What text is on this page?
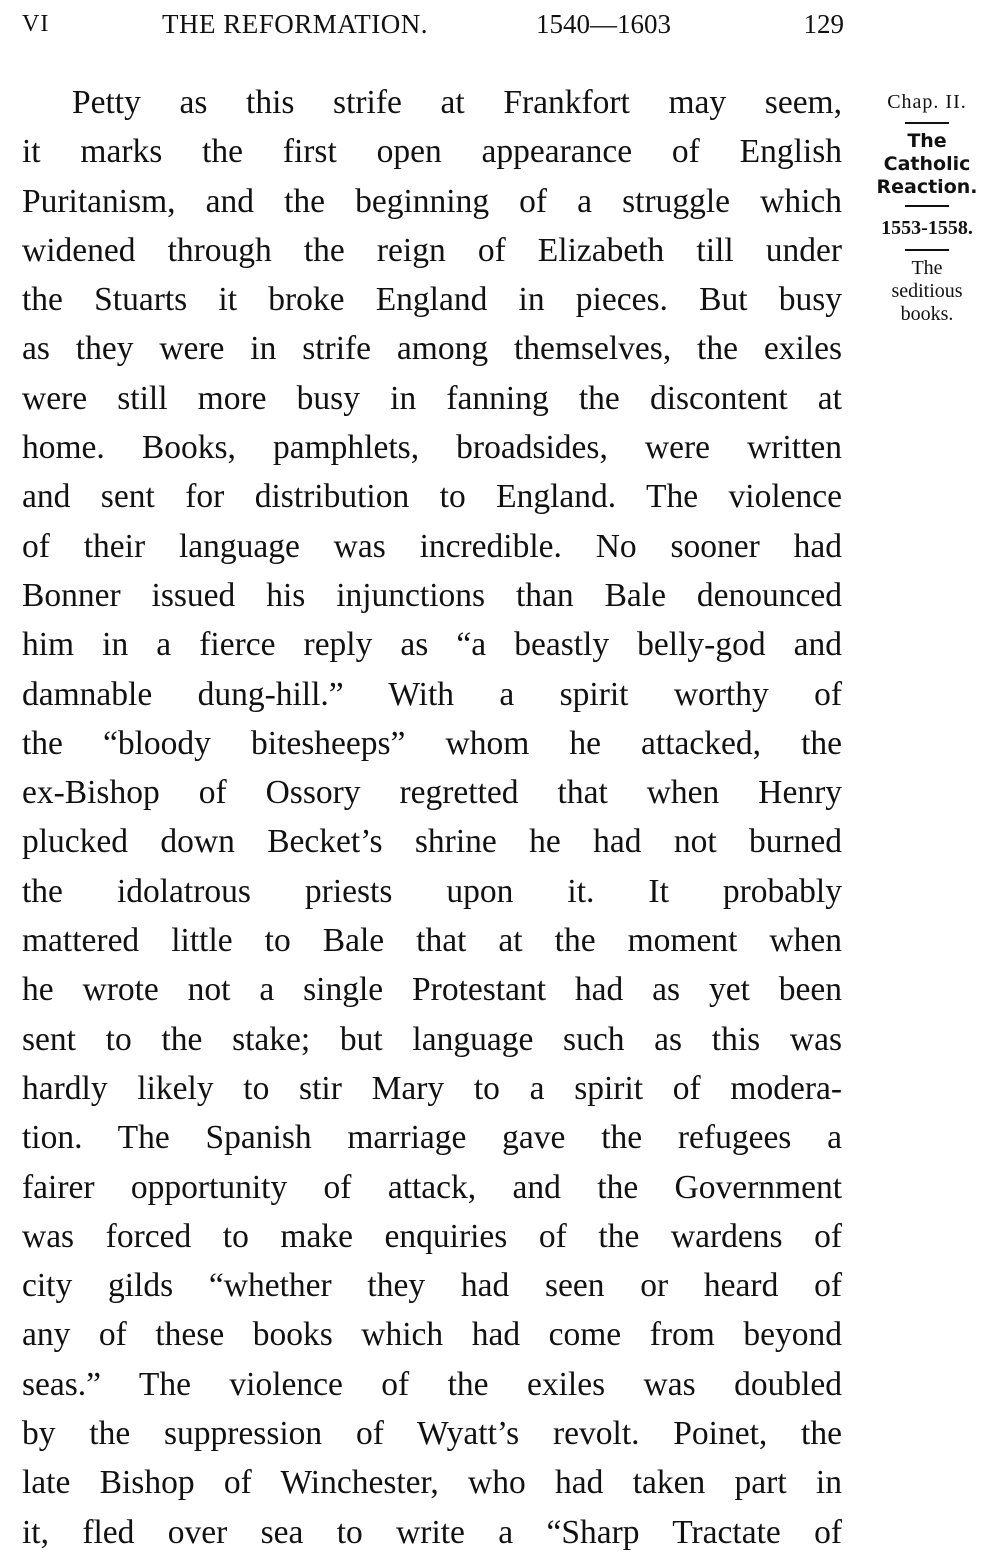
VI	THE REFORMATION.	1540—1603	129
Petty as this strife at Frankfort may seem,
it marks the first open appearance of English
Puritanism, and the beginning of a struggle which
widened through the reign of Elizabeth till under
the Stuarts it broke England in pieces. But busy
as they were in strife among themselves, the exiles
were still more busy in fanning the discontent at
home. Books, pamphlets, broadsides, were written
and sent for distribution to England. The violence
of their language was incredible. No sooner had
Bonner issued his injunctions than Bale denounced
him in a fierce reply as “a beastly belly-god and
damnable dung-hill.” With a spirit worthy of
the “bloody bitesheeps” whom he attacked, the
ex-Bishop of Ossory regretted that when Henry
plucked down Becket’s shrine he had not burned
the idolatrous priests upon it. It probably
mattered little to Bale that at the moment when
he wrote not a single Protestant had as yet been
sent to the stake; but language such as this was
hardly likely to stir Mary to a spirit of modera-
tion. The Spanish marriage gave the refugees a
fairer opportunity of attack, and the Government
was forced to make enquiries of the wardens of
city gilds “whether they had seen or heard of
any of these books which had come from beyond
seas.” The violence of the exiles was doubled
by the suppression of Wyatt’s revolt. Poinet, the
late Bishop of Winchester, who had taken part in
it, fled over sea to write a “Sharp Tractate of
Chap. II.
The
Catholic
Reaction.
1553-1558.
The
seditious
books.
